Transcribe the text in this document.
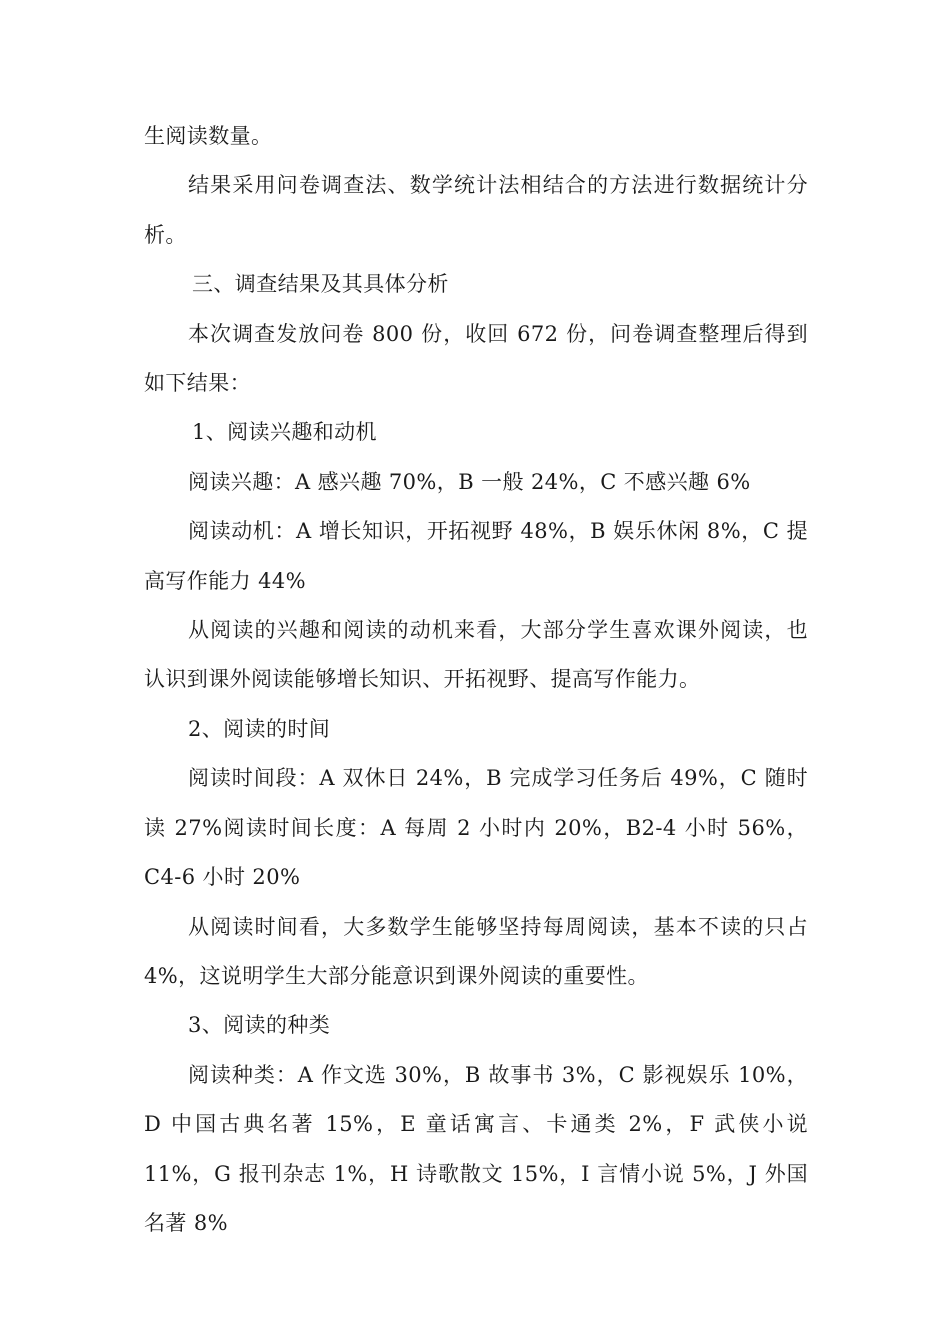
生阅读数量。

结果采用问卷调查法、数学统计法相结合的方法进行数据统计分析。

三、调查结果及其具体分析

本次调查发放问卷 800 份，收回 672 份，问卷调查整理后得到如下结果：

1、阅读兴趣和动机

阅读兴趣：A 感兴趣 70%，B 一般 24%，C 不感兴趣 6%

阅读动机：A 增长知识，开拓视野 48%，B 娱乐休闲 8%，C 提高写作能力 44%

从阅读的兴趣和阅读的动机来看，大部分学生喜欢课外阅读，也认识到课外阅读能够增长知识、开拓视野、提高写作能力。

2、阅读的时间

阅读时间段：A 双休日 24%，B 完成学习任务后 49%，C 随时读 27%阅读时间长度：A 每周 2 小时内 20%，B2-4 小时 56%，C4-6 小时 20%

从阅读时间看，大多数学生能够坚持每周阅读，基本不读的只占 4%，这说明学生大部分能意识到课外阅读的重要性。

3、阅读的种类

阅读种类：A 作文选 30%，B 故事书 3%，C 影视娱乐 10%，D 中国古典名著 15%，E 童话寓言、卡通类 2%，F 武侠小说 11%，G 报刊杂志 1%，H 诗歌散文 15%，I 言情小说 5%，J 外国名著 8%
